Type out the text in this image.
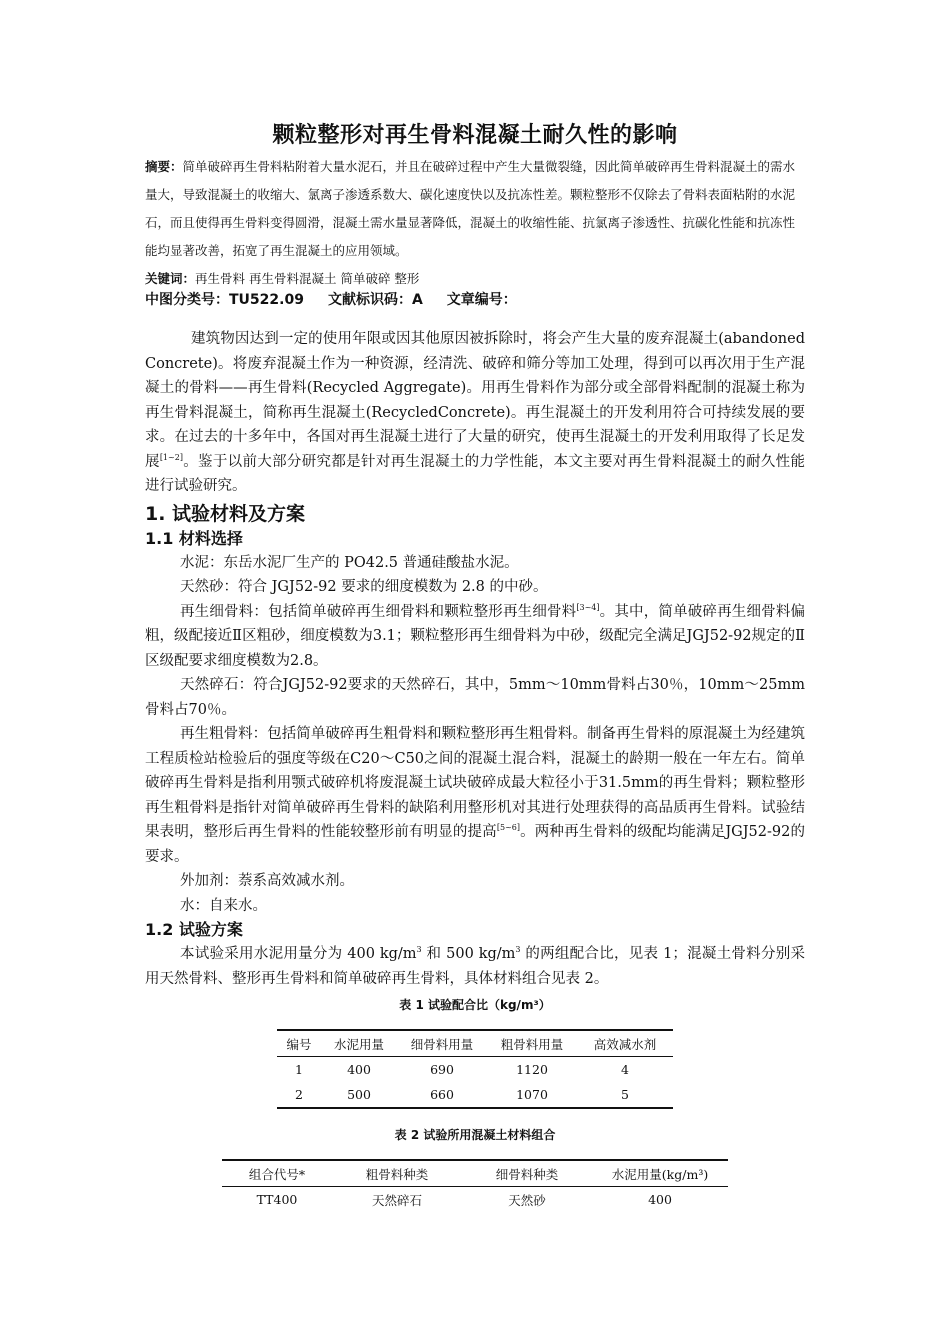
颗粒整形对再生骨料混凝土耐久性的影响

摘要：简单破碎再生骨料粘附着大量水泥石，并且在破碎过程中产生大量微裂缝，因此简单破碎再生骨料混凝土的需水量大，导致混凝土的收缩大、氯离子渗透系数大、碳化速度快以及抗冻性差。颗粒整形不仅除去了骨料表面粘附的水泥石，而且使得再生骨料变得圆滑，混凝土需水量显著降低，混凝土的收缩性能、抗氯离子渗透性、抗碳化性能和抗冻性能均显著改善，拓宽了再生混凝土的应用领域。

关键词：再生骨料 再生骨料混凝土 简单破碎 整形
中图分类号：TU522.09 文献标识码：A 文章编号：

建筑物因达到一定的使用年限或因其他原因被拆除时，将会产生大量的废弃混凝土(abandoned Concrete)。将废弃混凝土作为一种资源，经清洗、破碎和筛分等加工处理，得到可以再次用于生产混凝土的骨料——再生骨料(Recycled Aggregate)。用再生骨料作为部分或全部骨料配制的混凝土称为再生骨料混凝土，简称再生混凝土(RecycledConcrete)。再生混凝土的开发利用符合可持续发展的要求。在过去的十多年中，各国对再生混凝土进行了大量的研究，使再生混凝土的开发利用取得了长足发展[1~2]。鉴于以前大部分研究都是针对再生混凝土的力学性能，本文主要对再生骨料混凝土的耐久性能进行试验研究。

1. 试验材料及方案
1.1 材料选择

水泥：东岳水泥厂生产的 PO42.5 普通硅酸盐水泥。

天然砂：符合 JGJ52-92 要求的细度模数为 2.8 的中砂。

再生细骨料：包括简单破碎再生细骨料和颗粒整形再生细骨料[3~4]。其中，简单破碎再生细骨料偏粗，级配接近Ⅱ区粗砂，细度模数为3.1；颗粒整形再生细骨料为中砂，级配完全满足JGJ52-92规定的Ⅱ区级配要求细度模数为2.8。

天然碎石：符合JGJ52-92要求的天然碎石，其中，5mm～10mm骨料占30％，10mm～25mm骨料占70％。

再生粗骨料：包括简单破碎再生粗骨料和颗粒整形再生粗骨料。制备再生骨料的原混凝土为经建筑工程质检站检验后的强度等级在C20～C50之间的混凝土混合料，混凝土的龄期一般在一年左右。简单破碎再生骨料是指利用颚式破碎机将废混凝土试块破碎成最大粒径小于31.5mm的再生骨料；颗粒整形再生粗骨料是指针对简单破碎再生骨料的缺陷利用整形机对其进行处理获得的高品质再生骨料。试验结果表明，整形后再生骨料的性能较整形前有明显的提高[5~6]。两种再生骨料的级配均能满足JGJ52-92的要求。

外加剂：萘系高效减水剂。

水：自来水。

1.2 试验方案

本试验采用水泥用量分为 400 $kg/m^3$ 和 500 $kg/m^3$ 的两组配合比，见表 1；混凝土骨料分别采用天然骨料、整形再生骨料和简单破碎再生骨料，具体材料组合见表 2。

表 1 试验配合比（kg/m³）
编号	水泥用量	细骨料用量	粗骨料用量	高效减水剂
1	400	690	1120	4
2	500	660	1070	5
表 2 试验所用混凝土材料组合
组合代号*	粗骨料种类	细骨料种类	水泥用量(kg/m³)
TT400	天然碎石	天然砂	400
